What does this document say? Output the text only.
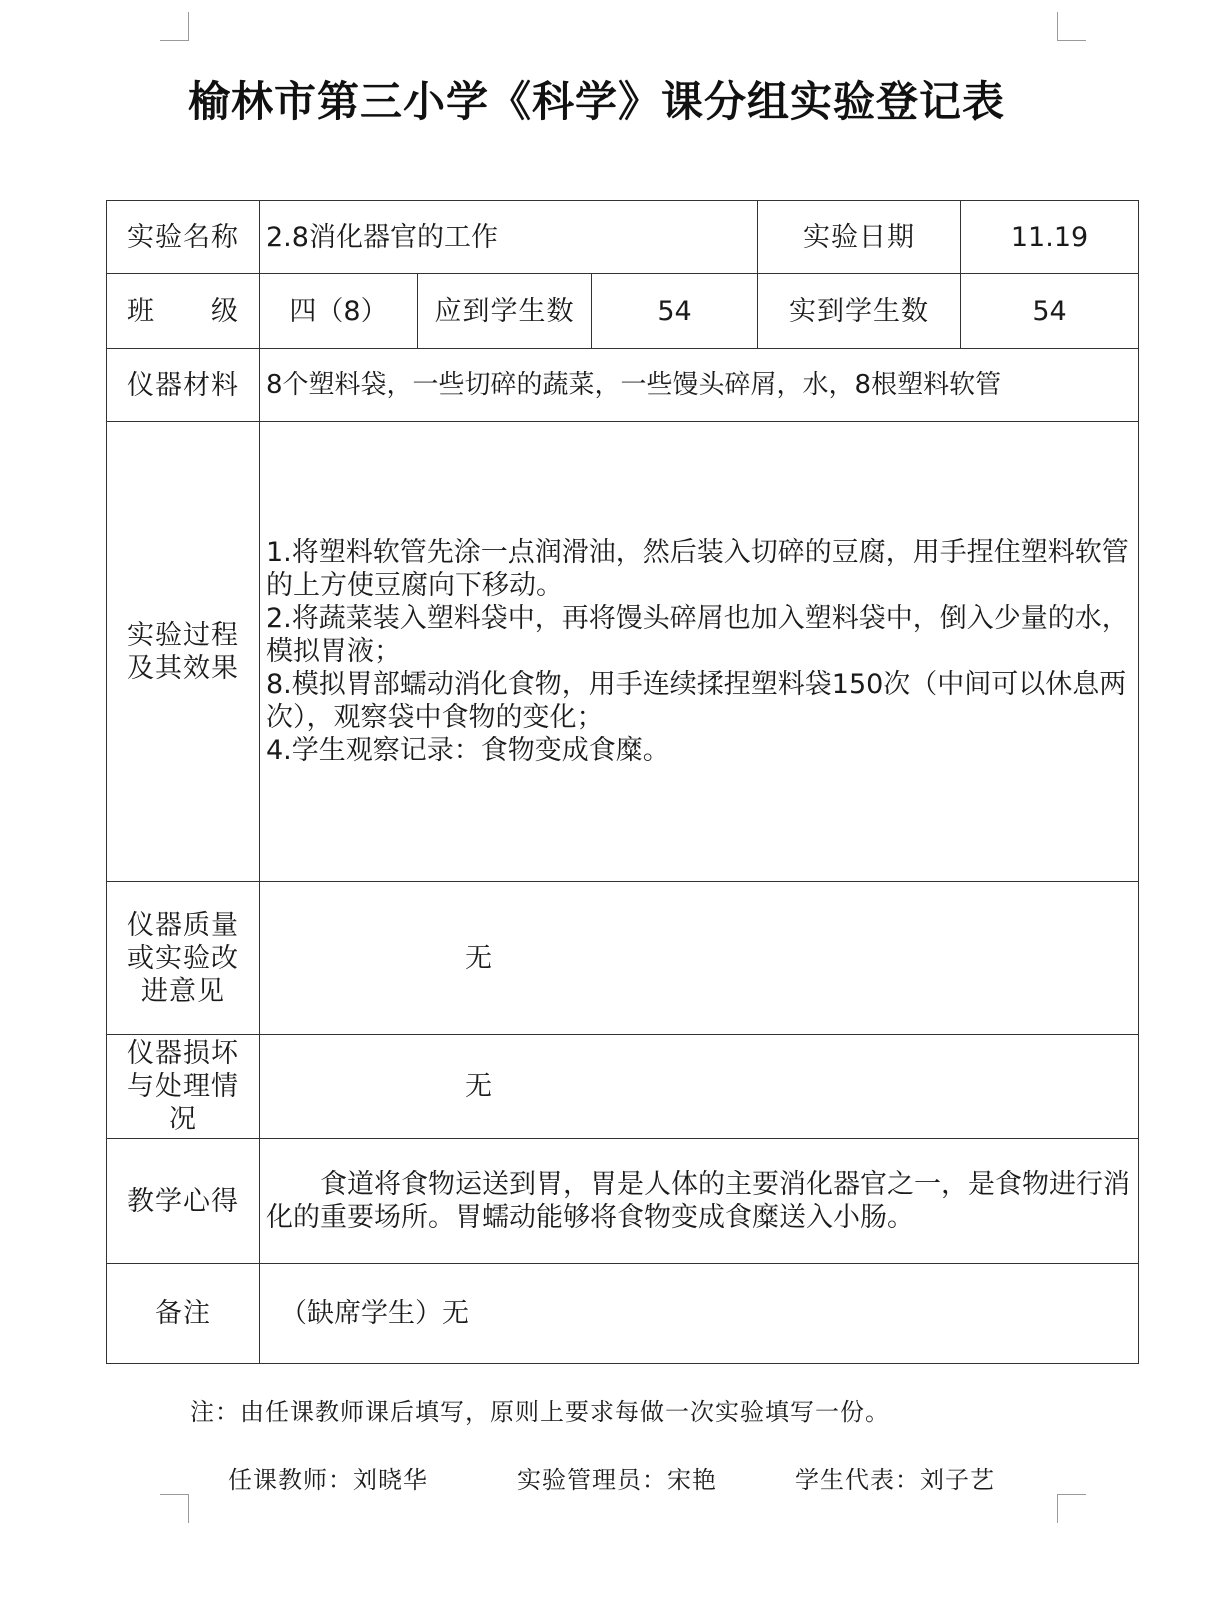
榆林市第三小学《科学》课分组实验登记表
实验名称	2.8消化器官的工作			实验日期	11.19
班　　级	四（8）	应到学生数	54	实到学生数	54
仪器材料	8个塑料袋，一些切碎的蔬菜，一些馒头碎屑，水，8根塑料软管				
实验过程及其效果	1.将塑料软管先涂一点润滑油，然后装入切碎的豆腐，用手捏住塑料软管的上方使豆腐向下移动。

2.将蔬菜装入塑料袋中，再将馒头碎屑也加入塑料袋中，倒入少量的水，模拟胃液；

8.模拟胃部蠕动消化食物，用手连续揉捏塑料袋150次（中间可以休息两次），观察袋中食物的变化；

4.学生观察记录：食物变成食糜。				

仪器质量或实验改进意见	无				
仪器损坏与处理情况	无				
教学心得	食道将食物运送到胃，胃是人体的主要消化器官之一，是食物进行消化的重要场所。胃蠕动能够将食物变成食糜送入小肠。				
备注	（缺席学生）无				
注：由任课教师课后填写，原则上要求每做一次实验填写一份。
任课教师：刘晓华	实验管理员：宋艳	学生代表：刘子艺
